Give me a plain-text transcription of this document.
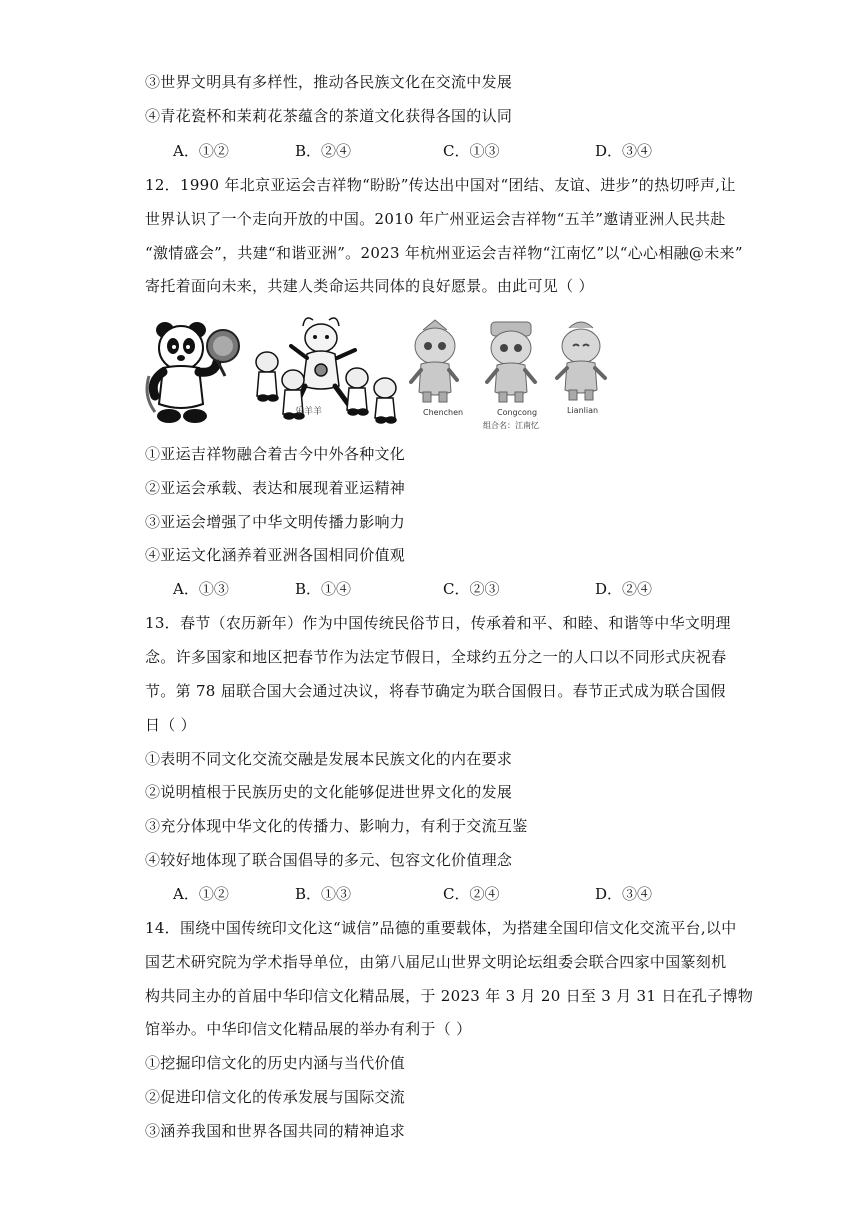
③世界文明具有多样性，推动各民族文化在交流中发展
④青花瓷杯和茉莉花茶蕴含的茶道文化获得各国的认同
A．①②	B．②④	C．①③	D．③④
12．1990 年北京亚运会吉祥物“盼盼”传达出中国对“团结、友谊、进步”的热切呼声,让
世界认识了一个走向开放的中国。2010 年广州亚运会吉祥物“五羊”邀请亚洲人民共赴
“激情盛会”，共建“和谐亚洲”。2023 年杭州亚运会吉祥物“江南忆”以“心心相融@未来”
寄托着面向未来，共建人类命运共同体的良好愿景。由此可见（ ）
乐羊羊	Chenchen	Congcong	Lianlian
组合名：江南忆
①亚运吉祥物融合着古今中外各种文化
②亚运会承载、表达和展现着亚运精神
③亚运会增强了中华文明传播力影响力
④亚运文化涵养着亚洲各国相同价值观
A．①③	B．①④	C．②③	D．②④
13．春节（农历新年）作为中国传统民俗节日，传承着和平、和睦、和谐等中华文明理
念。许多国家和地区把春节作为法定节假日，全球约五分之一的人口以不同形式庆祝春
节。第 78 届联合国大会通过决议，将春节确定为联合国假日。春节正式成为联合国假
日（ ）
①表明不同文化交流交融是发展本民族文化的内在要求
②说明植根于民族历史的文化能够促进世界文化的发展
③充分体现中华文化的传播力、影响力，有利于交流互鉴
④较好地体现了联合国倡导的多元、包容文化价值理念
A．①②	B．①③	C．②④	D．③④
14．围绕中国传统印文化这“诚信”品德的重要载体，为搭建全国印信文化交流平台,以中
国艺术研究院为学术指导单位，由第八届尼山世界文明论坛组委会联合四家中国篆刻机
构共同主办的首届中华印信文化精品展，于 2023 年 3 月 20 日至 3 月 31 日在孔子博物
馆举办。中华印信文化精品展的举办有利于（ ）
①挖掘印信文化的历史内涵与当代价值
②促进印信文化的传承发展与国际交流
③涵养我国和世界各国共同的精神追求
